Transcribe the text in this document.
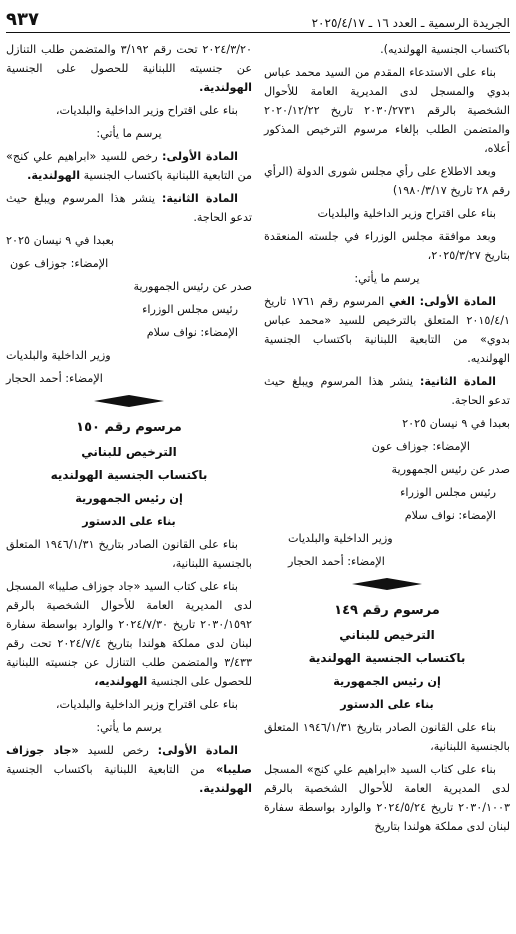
٩٣٧	الجريدة الرسمية ـ العدد ١٦ ـ ٢٠٢٥/٤/١٧

باكتساب الجنسية الهولنديه).

بناء على الاستدعاء المقدم من السيد محمد عباس بدوي والمسجل لدى المديرية العامة للأحوال الشخصية بالرقم ٢٠٣٠/٢٧٣١ تاريخ ٢٠٢٠/١٢/٢٢ والمتضمن الطلب بإلغاء مرسوم الترخيص المذكور أعلاه،

وبعد الاطلاع على رأي مجلس شورى الدولة (الرأي رقم ٢٨ تاريخ ١٩٨٠/٣/١٧)

بناء على اقتراح وزير الداخلية والبلديات

وبعد موافقة مجلس الوزراء في جلسته المنعقدة بتاريخ ٢٠٢٥/٣/٢٧،

يرسم ما يأتي:

المادة الأولى: الغي المرسوم رقم ١٧٦١ تاريخ ٢٠١٥/٤/١ المتعلق بالترخيص للسيد «محمد عباس بدوي» من التابعية اللبنانية باكتساب الجنسية الهولنديه.

المادة الثانية: ينشر هذا المرسوم ويبلغ حيث تدعو الحاجة.

بعبدا في ٩ نيسان ٢٠٢٥

الإمضاء: جوزاف عون

صدر عن رئيس الجمهورية

رئيس مجلس الوزراء

الإمضاء: نواف سلام

وزير الداخلية والبلديات

الإمضاء: أحمد الحجار

مرسوم رقم ١٤٩

الترخيص للبناني

باكتساب الجنسية الهولندية

إن رئيس الجمهورية

بناء على الدستور

بناء على القانون الصادر بتاريخ ١٩٤٦/١/٣١ المتعلق بالجنسية اللبنانية،

بناء على كتاب السيد «ابراهيم علي كنج» المسجل لدى المديرية العامة للأحوال الشخصية بالرقم ٢٠٣٠/١٠٠٣ تاريخ ٢٠٢٤/٥/٢٤ والوارد بواسطة سفارة لبنان لدى مملكة هولندا بتاريخ

٢٠٢٤/٣/٢٠ تحت رقم ٣/١٩٢ والمتضمن طلب التنازل عن جنسيته اللبنانية للحصول على الجنسية الهولندية.

بناء على اقتراح وزير الداخلية والبلديات،

يرسم ما يأتي:

المادة الأولى: رخص للسيد «ابراهيم علي كنج» من التابعية اللبنانية باكتساب الجنسية الهولندية.

المادة الثانية: ينشر هذا المرسوم ويبلغ حيث تدعو الحاجة.

بعبدا في ٩ نيسان ٢٠٢٥

الإمضاء: جوزاف عون

صدر عن رئيس الجمهورية

رئيس مجلس الوزراء

الإمضاء: نواف سلام

وزير الداخلية والبلديات

الإمضاء: أحمد الحجار

مرسوم رقم ١٥٠

الترخيص للبناني

باكتساب الجنسية الهولنديه

إن رئيس الجمهورية

بناء على الدستور

بناء على القانون الصادر بتاريخ ١٩٤٦/١/٣١ المتعلق بالجنسية اللبنانية،

بناء على كتاب السيد «جاد جوزاف صليبا» المسجل لدى المديرية العامة للأحوال الشخصية بالرقم ٢٠٣٠/١٥٩٢ تاريخ ٢٠٢٤/٧/٣٠ والوارد بواسطة سفارة لبنان لدى مملكة هولندا بتاريخ ٢٠٢٤/٧/٤ تحت رقم ٣/٤٣٣ والمتضمن طلب التنازل عن جنسيته اللبنانية للحصول على الجنسية الهولنديه،

بناء على اقتراح وزير الداخلية والبلديات،

يرسم ما يأتي:

المادة الأولى: رخص للسيد «جاد جوزاف صليبا» من التابعية اللبنانية باكتساب الجنسية الهولندية.
